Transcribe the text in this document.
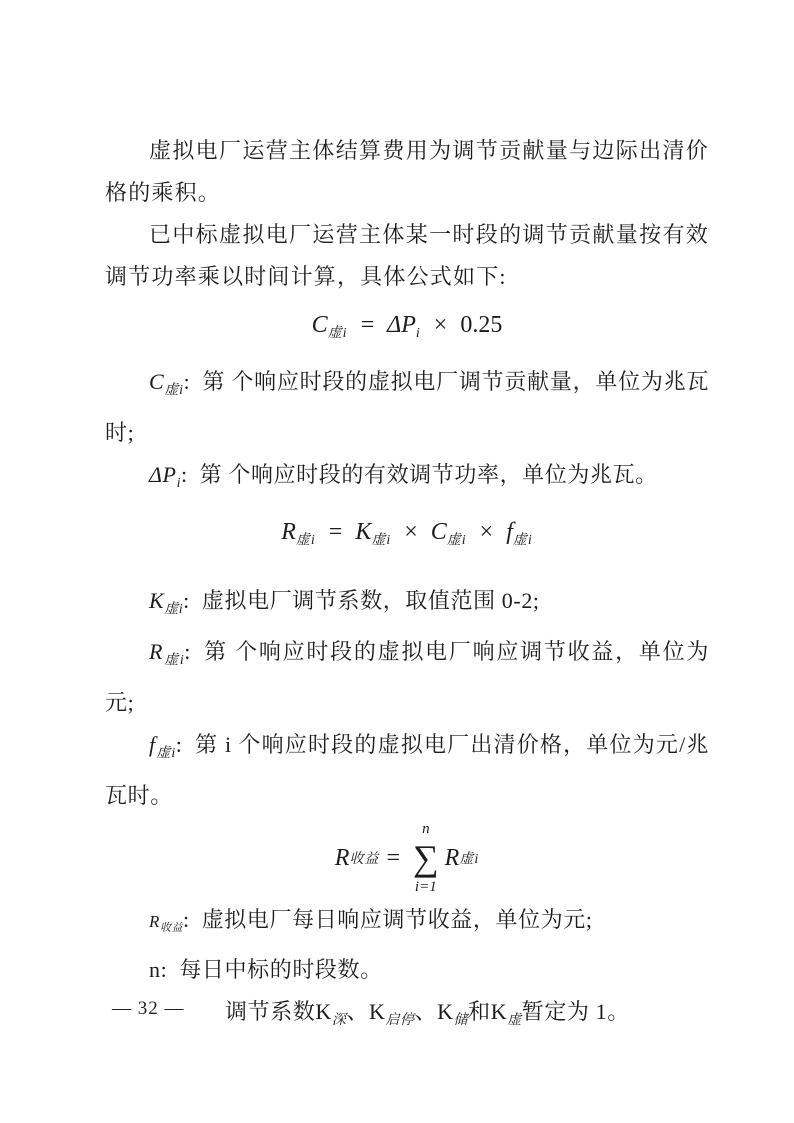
虚拟电厂运营主体结算费用为调节贡献量与边际出清价格的乘积。

已中标虚拟电厂运营主体某一时段的调节贡献量按有效调节功率乘以时间计算，具体公式如下:

$C_{虚i} = \Delta P_i \times 0.25$

$C_{虚i}$: 第 个响应时段的虚拟电厂调节贡献量，单位为兆瓦时;

$\Delta P_i$: 第 个响应时段的有效调节功率，单位为兆瓦。

$R_{虚i} = K_{虚i} \times C_{虚i} \times f_{虚i}$

$K_{虚i}$: 虚拟电厂调节系数，取值范围 0-2;

$R_{虚i}$: 第 个响应时段的虚拟电厂响应调节收益，单位为元;

$f_{虚i}$: 第 i 个响应时段的虚拟电厂出清价格，单位为元/兆瓦时。

R 收益 =
n
∑
i=1
R 虚i

R收益: 虚拟电厂每日响应调节收益，单位为元;

n: 每日中标的时段数。

调节系数$K_深$、$K_{启停}$、$K_储$和$K_虚$暂定为 1。

— 32 —
